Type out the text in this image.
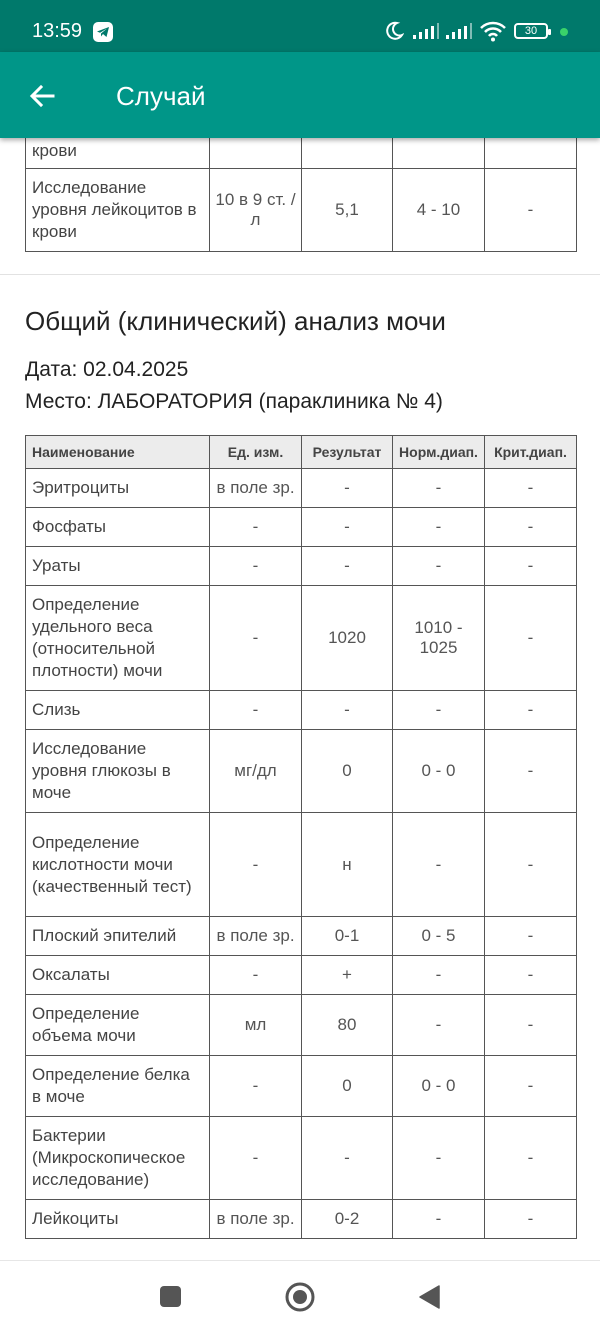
13:59	30
Случай
крови				
Исследование уровня лейкоцитов в крови	10 в 9 ст. / л	5,1	4 - 10	-
Общий (клинический) анализ мочи
Дата: 02.04.2025
Место: ЛАБОРАТОРИЯ (параклиника № 4)
Наименование	Ед. изм.	Результат	Норм.диап.	Крит.диап.
Эритроциты	в поле зр.	-	-	-
Фосфаты	-	-	-	-
Ураты	-	-	-	-
Определение удельного веса (относительной плотности) мочи	-	1020	1010 - 1025	-
Слизь	-	-	-	-
Исследование уровня глюкозы в моче	мг/дл	0	0 - 0	-
Определение кислотности мочи (качественный тест)	-	н	-	-
Плоский эпителий	в поле зр.	0-1	0 - 5	-
Оксалаты	-	+	-	-
Определение объема мочи	мл	80	-	-
Определение белка в моче	-	0	0 - 0	-
Бактерии (Микроскопическое исследование)	-	-	-	-
Лейкоциты	в поле зр.	0-2	-	-
